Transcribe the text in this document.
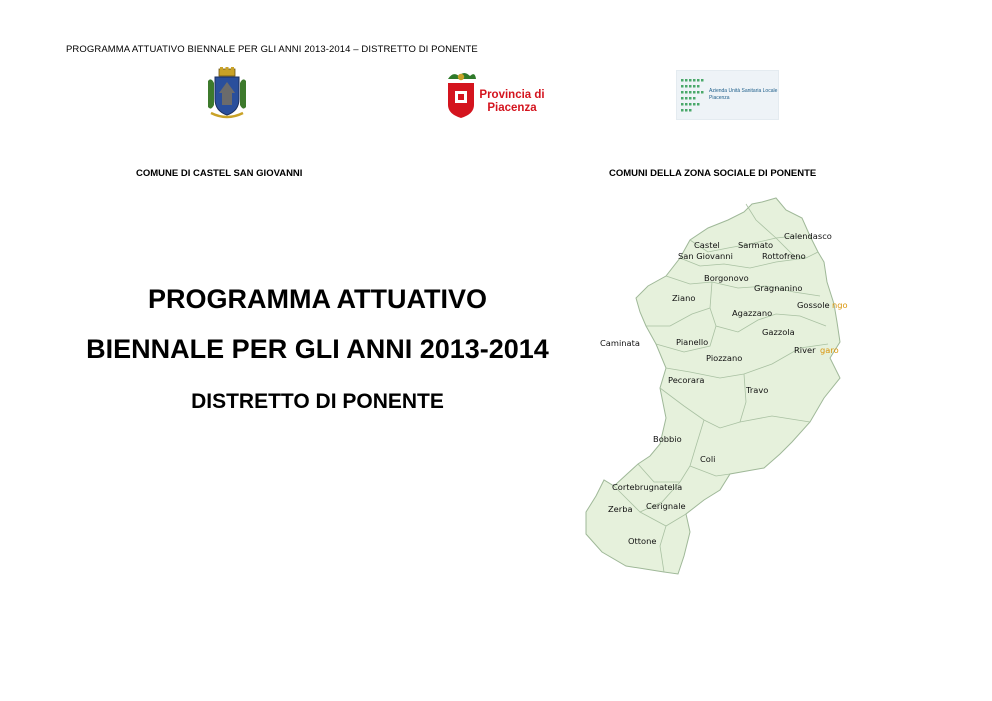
PROGRAMMA ATTUATIVO BIENNALE PER GLI ANNI 2013-2014 – DISTRETTO DI PONENTE
Provincia di
Piacenza
Azienda Unità Sanitaria Locale
Piacenza
COMUNE DI CASTEL SAN GIOVANNI	COMUNI DELLA ZONA SOCIALE DI PONENTE
PROGRAMMA ATTUATIVO
BIENNALE PER GLI ANNI 2013-2014
DISTRETTO DI PONENTE
Castel
San Giovanni
Sarmato
Calendasco
Rottofreno
Borgonovo
Gragnanino
Ziano
Agazzano
Gossole ngo
Gazzola
Caminata	Pianello
River garo
Piozzano
Pecorara
Travo
Bobbio
Coli
Cortebrugnatella
Zerba Cerignale
Ottone
